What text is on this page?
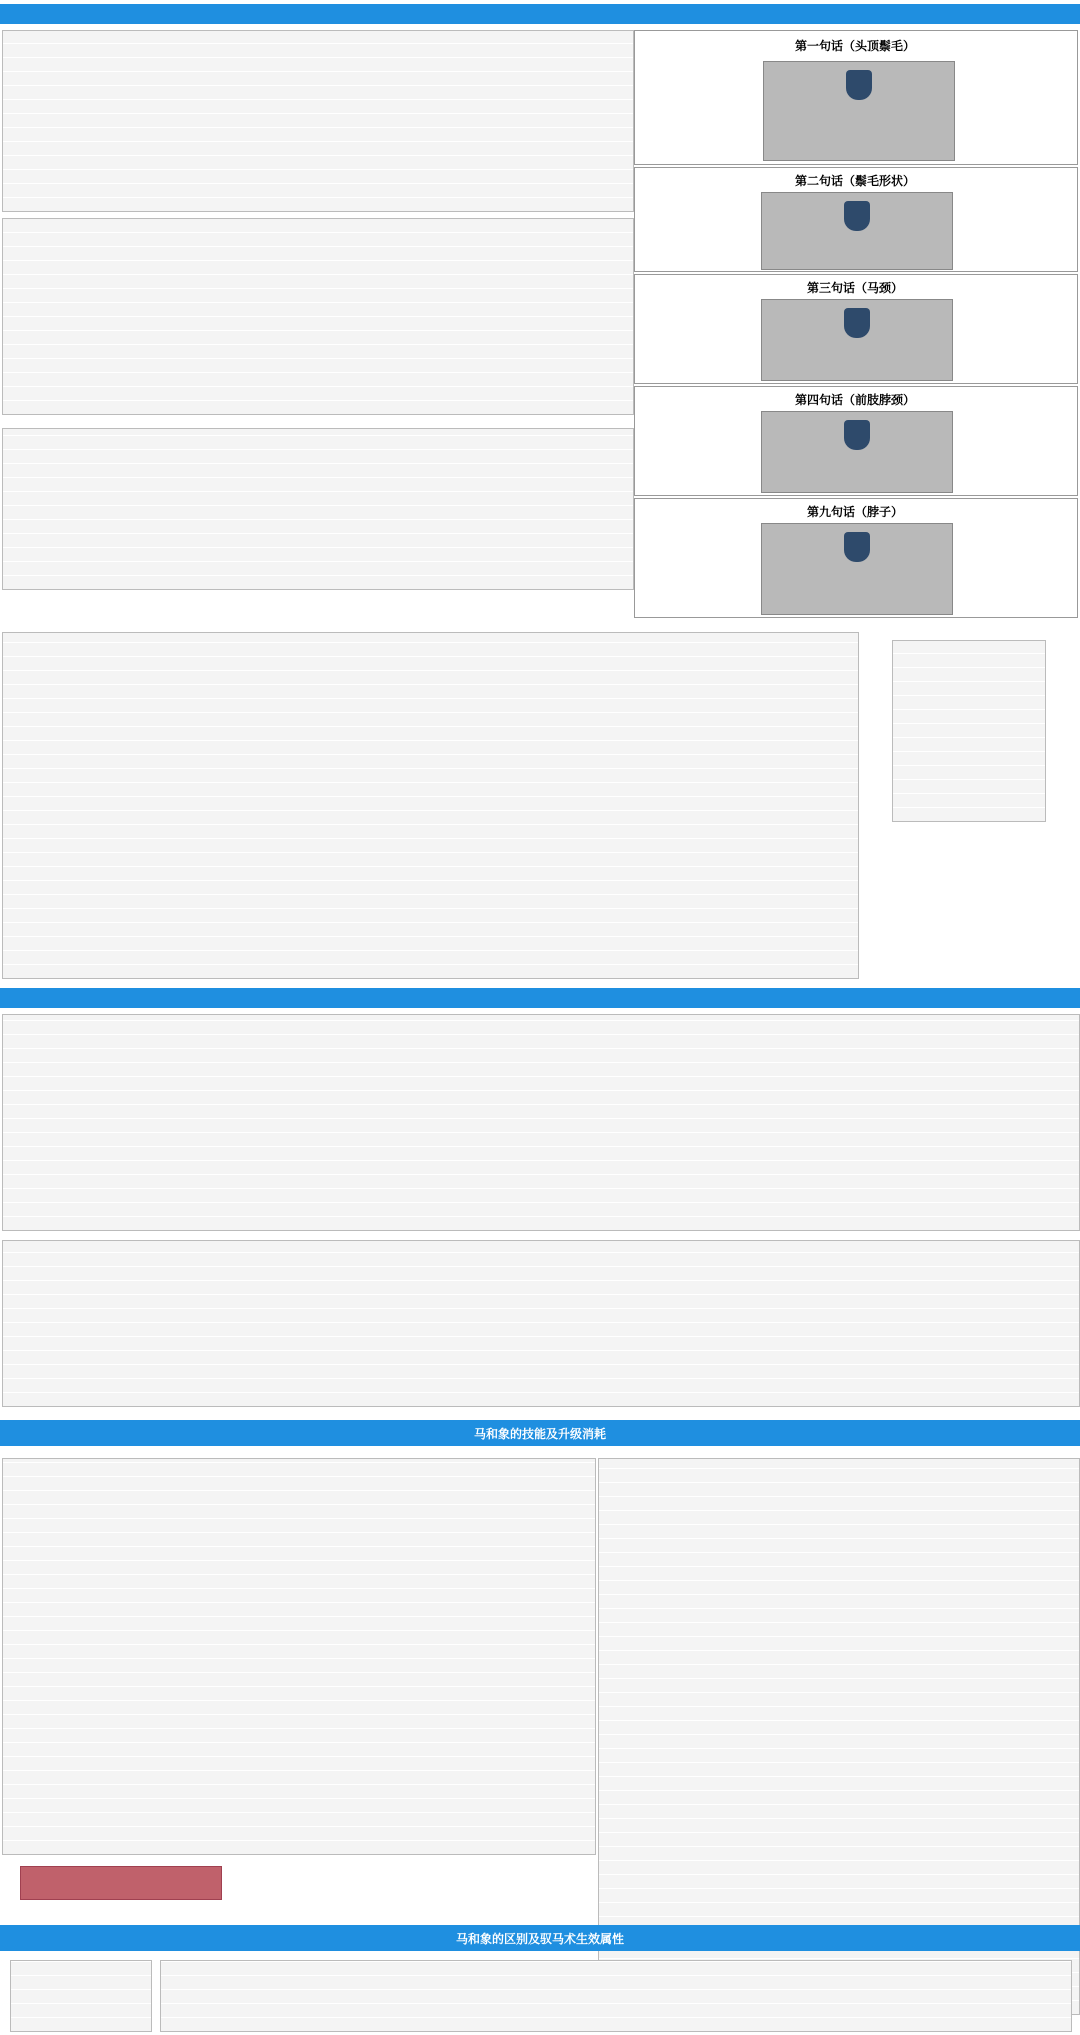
第一句话（头顶鬃毛）
第二句话（鬃毛形状）
第三句话（马颈）
第四句话（前肢脖颈）
第九句话（脖子）
马和象的技能及升级消耗
马和象的区别及驭马术生效属性
